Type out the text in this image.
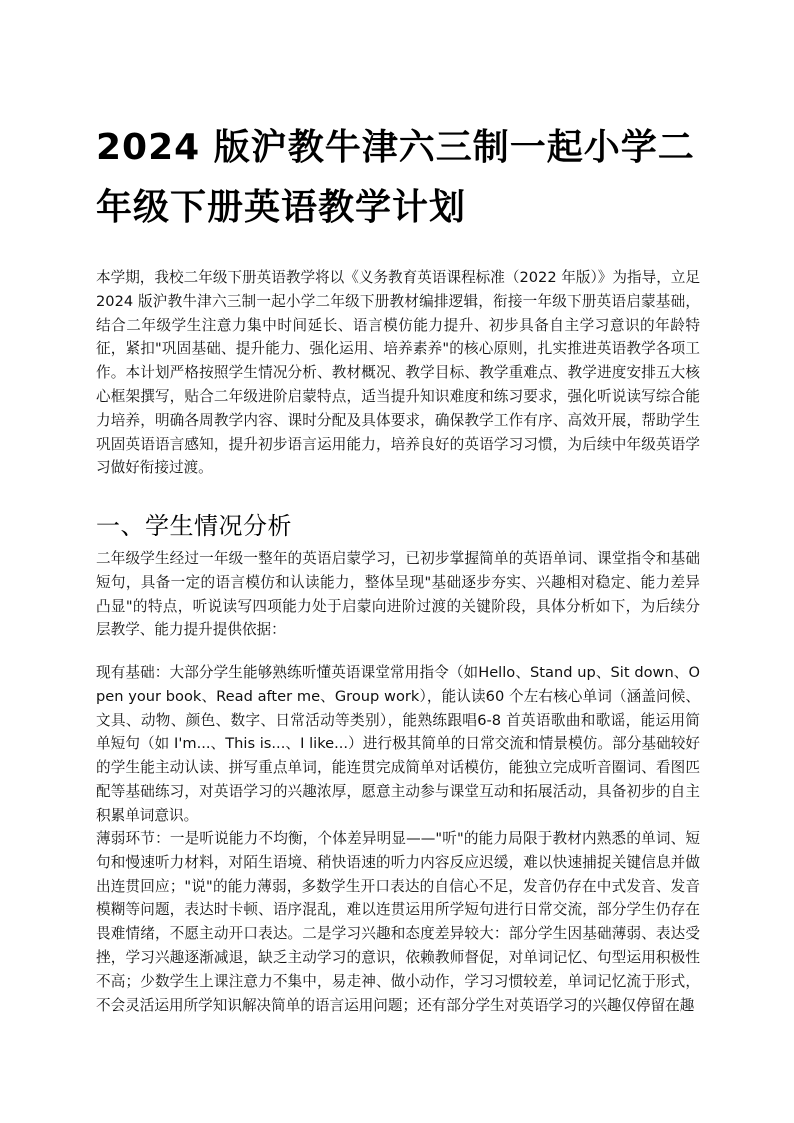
2024 版沪教牛津六三制一起小学二年级下册英语教学计划

本学期，我校二年级下册英语教学将以《义务教育英语课程标准（2022 年版）》为指导，立足 2024 版沪教牛津六三制一起小学二年级下册教材编排逻辑，衔接一年级下册英语启蒙基础，结合二年级学生注意力集中时间延长、语言模仿能力提升、初步具备自主学习意识的年龄特征，紧扣"巩固基础、提升能力、强化运用、培养素养"的核心原则，扎实推进英语教学各项工作。本计划严格按照学生情况分析、教材概况、教学目标、教学重难点、教学进度安排五大核心框架撰写，贴合二年级进阶启蒙特点，适当提升知识难度和练习要求，强化听说读写综合能力培养，明确各周教学内容、课时分配及具体要求，确保教学工作有序、高效开展，帮助学生巩固英语语言感知，提升初步语言运用能力，培养良好的英语学习习惯，为后续中年级英语学习做好衔接过渡。

一、学生情况分析

二年级学生经过一年级一整年的英语启蒙学习，已初步掌握简单的英语单词、课堂指令和基础短句，具备一定的语言模仿和认读能力，整体呈现"基础逐步夯实、兴趣相对稳定、能力差异凸显"的特点，听说读写四项能力处于启蒙向进阶过渡的关键阶段，具体分析如下，为后续分层教学、能力提升提供依据：

现有基础：大部分学生能够熟练听懂英语课堂常用指令（如Hello、Stand up、Sit down、Open your book、Read after me、Group work），能认读60 个左右核心单词（涵盖问候、文具、动物、颜色、数字、日常活动等类别），能熟练跟唱6-8 首英语歌曲和歌谣，能运用简单短句（如 I'm...、This is...、I like...）进行极其简单的日常交流和情景模仿。部分基础较好的学生能主动认读、拼写重点单词，能连贯完成简单对话模仿，能独立完成听音圈词、看图匹配等基础练习，对英语学习的兴趣浓厚，愿意主动参与课堂互动和拓展活动，具备初步的自主积累单词意识。

薄弱环节：一是听说能力不均衡，个体差异明显——"听"的能力局限于教材内熟悉的单词、短句和慢速听力材料，对陌生语境、稍快语速的听力内容反应迟缓，难以快速捕捉关键信息并做出连贯回应；"说"的能力薄弱，多数学生开口表达的自信心不足，发音仍存在中式发音、发音模糊等问题，表达时卡顿、语序混乱，难以连贯运用所学短句进行日常交流，部分学生仍存在畏难情绪，不愿主动开口表达。二是学习兴趣和态度差异较大：部分学生因基础薄弱、表达受挫，学习兴趣逐渐减退，缺乏主动学习的意识，依赖教师督促，对单词记忆、句型运用积极性不高；少数学生上课注意力不集中，易走神、做小动作，学习习惯较差，单词记忆流于形式，不会灵活运用所学知识解决简单的语言运用问题；还有部分学生对英语学习的兴趣仅停留在趣
